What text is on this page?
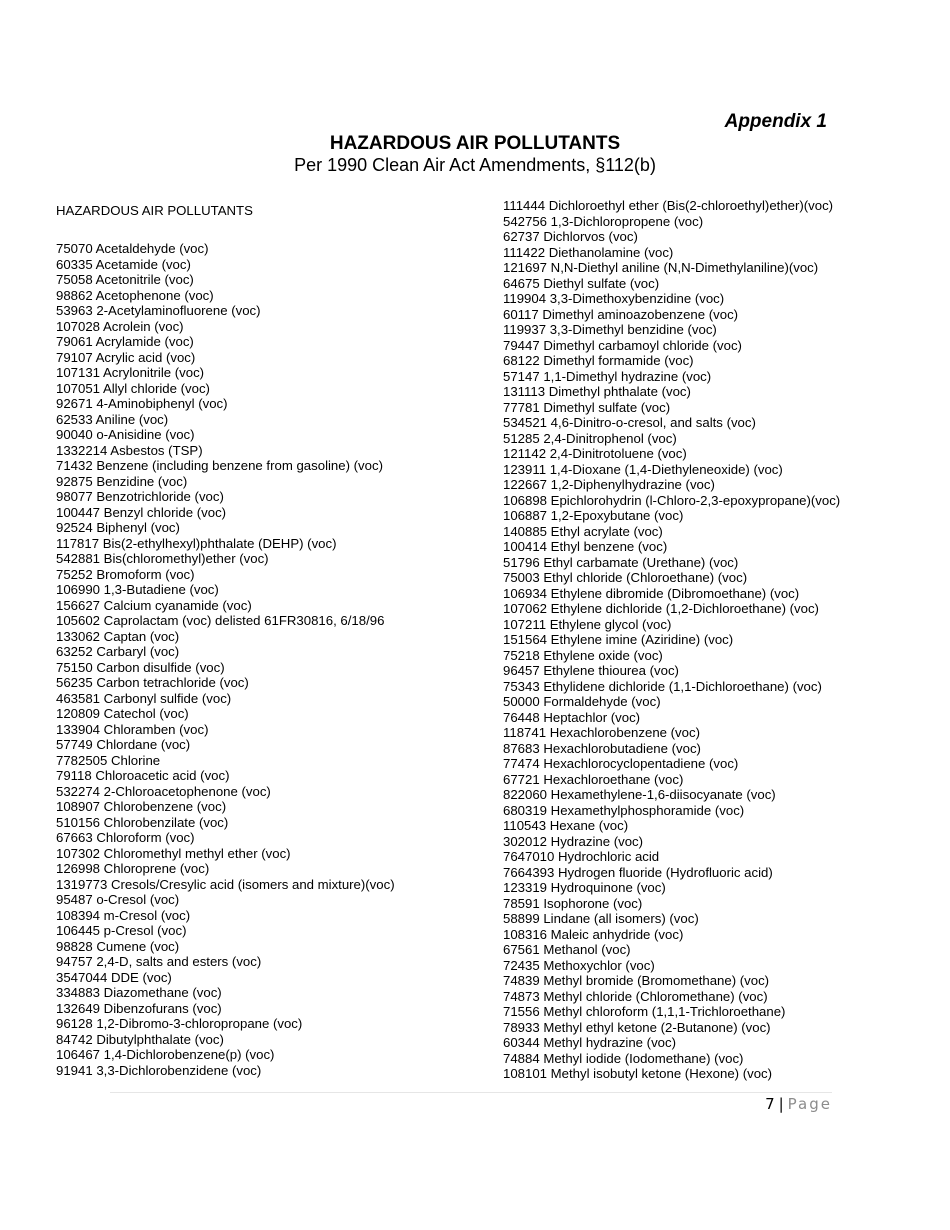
Appendix 1
HAZARDOUS AIR POLLUTANTS
Per 1990 Clean Air Act Amendments, §112(b)
HAZARDOUS AIR POLLUTANTS
75070 Acetaldehyde (voc)
60335 Acetamide (voc)
75058 Acetonitrile (voc)
98862 Acetophenone (voc)
53963 2-Acetylaminofluorene (voc)
107028 Acrolein (voc)
79061 Acrylamide (voc)
79107 Acrylic acid (voc)
107131 Acrylonitrile (voc)
107051 Allyl chloride (voc)
92671 4-Aminobiphenyl (voc)
62533 Aniline (voc)
90040 o-Anisidine (voc)
1332214 Asbestos (TSP)
71432 Benzene (including benzene from gasoline) (voc)
92875 Benzidine (voc)
98077 Benzotrichloride (voc)
100447 Benzyl chloride (voc)
92524 Biphenyl (voc)
117817 Bis(2-ethylhexyl)phthalate (DEHP) (voc)
542881 Bis(chloromethyl)ether (voc)
75252 Bromoform (voc)
106990 1,3-Butadiene (voc)
156627 Calcium cyanamide (voc)
105602 Caprolactam (voc) delisted 61FR30816, 6/18/96
133062 Captan (voc)
63252 Carbaryl (voc)
75150 Carbon disulfide (voc)
56235 Carbon tetrachloride (voc)
463581 Carbonyl sulfide (voc)
120809 Catechol (voc)
133904 Chloramben (voc)
57749 Chlordane (voc)
7782505 Chlorine
79118 Chloroacetic acid (voc)
532274 2-Chloroacetophenone (voc)
108907 Chlorobenzene (voc)
510156 Chlorobenzilate (voc)
67663 Chloroform (voc)
107302 Chloromethyl methyl ether (voc)
126998 Chloroprene (voc)
1319773 Cresols/Cresylic acid (isomers and mixture)(voc)
95487 o-Cresol (voc)
108394 m-Cresol (voc)
106445 p-Cresol (voc)
98828 Cumene (voc)
94757 2,4-D, salts and esters (voc)
3547044 DDE (voc)
334883 Diazomethane (voc)
132649 Dibenzofurans (voc)
96128 1,2-Dibromo-3-chloropropane (voc)
84742 Dibutylphthalate (voc)
106467 1,4-Dichlorobenzene(p) (voc)
91941 3,3-Dichlorobenzidene (voc)
111444 Dichloroethyl ether (Bis(2-chloroethyl)ether)(voc)
542756 1,3-Dichloropropene (voc)
62737 Dichlorvos (voc)
111422 Diethanolamine (voc)
121697 N,N-Diethyl aniline (N,N-Dimethylaniline)(voc)
64675 Diethyl sulfate (voc)
119904 3,3-Dimethoxybenzidine (voc)
60117 Dimethyl aminoazobenzene (voc)
119937 3,3-Dimethyl benzidine (voc)
79447 Dimethyl carbamoyl chloride (voc)
68122 Dimethyl formamide (voc)
57147 1,1-Dimethyl hydrazine (voc)
131113 Dimethyl phthalate (voc)
77781 Dimethyl sulfate (voc)
534521 4,6-Dinitro-o-cresol, and salts (voc)
51285 2,4-Dinitrophenol (voc)
121142 2,4-Dinitrotoluene (voc)
123911 1,4-Dioxane (1,4-Diethyleneoxide) (voc)
122667 1,2-Diphenylhydrazine (voc)
106898 Epichlorohydrin (l-Chloro-2,3-epoxypropane)(voc)
106887 1,2-Epoxybutane (voc)
140885 Ethyl acrylate (voc)
100414 Ethyl benzene (voc)
51796 Ethyl carbamate (Urethane) (voc)
75003 Ethyl chloride (Chloroethane) (voc)
106934 Ethylene dibromide (Dibromoethane) (voc)
107062 Ethylene dichloride (1,2-Dichloroethane) (voc)
107211 Ethylene glycol (voc)
151564 Ethylene imine (Aziridine) (voc)
75218 Ethylene oxide (voc)
96457 Ethylene thiourea (voc)
75343 Ethylidene dichloride (1,1-Dichloroethane) (voc)
50000 Formaldehyde (voc)
76448 Heptachlor (voc)
118741 Hexachlorobenzene (voc)
87683 Hexachlorobutadiene (voc)
77474 Hexachlorocyclopentadiene (voc)
67721 Hexachloroethane (voc)
822060 Hexamethylene-1,6-diisocyanate (voc)
680319 Hexamethylphosphoramide (voc)
110543 Hexane (voc)
302012 Hydrazine (voc)
7647010 Hydrochloric acid
7664393 Hydrogen fluoride (Hydrofluoric acid)
123319 Hydroquinone (voc)
78591 Isophorone (voc)
58899 Lindane (all isomers) (voc)
108316 Maleic anhydride (voc)
67561 Methanol (voc)
72435 Methoxychlor (voc)
74839 Methyl bromide (Bromomethane) (voc)
74873 Methyl chloride (Chloromethane) (voc)
71556 Methyl chloroform (1,1,1-Trichloroethane)
78933 Methyl ethyl ketone (2-Butanone) (voc)
60344 Methyl hydrazine (voc)
74884 Methyl iodide (Iodomethane) (voc)
108101 Methyl isobutyl ketone (Hexone) (voc)
7 | Page
